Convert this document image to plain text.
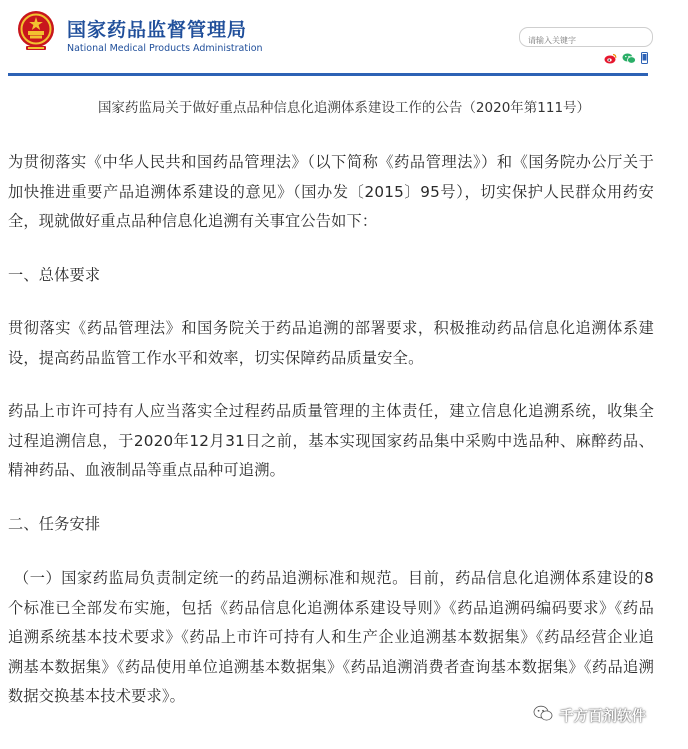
国家药品监督管理局
National Medical Products Administration
请输入关键字
国家药监局关于做好重点品种信息化追溯体系建设工作的公告（2020年第111号）

为贯彻落实《中华人民共和国药品管理法》（以下简称《药品管理法》）和《国务院办公厅关于加快推进重要产品追溯体系建设的意见》（国办发〔2015〕95号），切实保护人民群众用药安全，现就做好重点品种信息化追溯有关事宜公告如下：

一、总体要求

贯彻落实《药品管理法》和国务院关于药品追溯的部署要求，积极推动药品信息化追溯体系建设，提高药品监管工作水平和效率，切实保障药品质量安全。

药品上市许可持有人应当落实全过程药品质量管理的主体责任，建立信息化追溯系统，收集全过程追溯信息，于2020年12月31日之前，基本实现国家药品集中采购中选品种、麻醉药品、精神药品、血液制品等重点品种可追溯。

二、任务安排

（一）国家药监局负责制定统一的药品追溯标准和规范。目前，药品信息化追溯体系建设的8个标准已全部发布实施，包括《药品信息化追溯体系建设导则》《药品追溯码编码要求》《药品追溯系统基本技术要求》《药品上市许可持有人和生产企业追溯基本数据集》《药品经营企业追溯基本数据集》《药品使用单位追溯基本数据集》《药品追溯消费者查询基本数据集》《药品追溯数据交换基本技术要求》。

千方百剂软件
